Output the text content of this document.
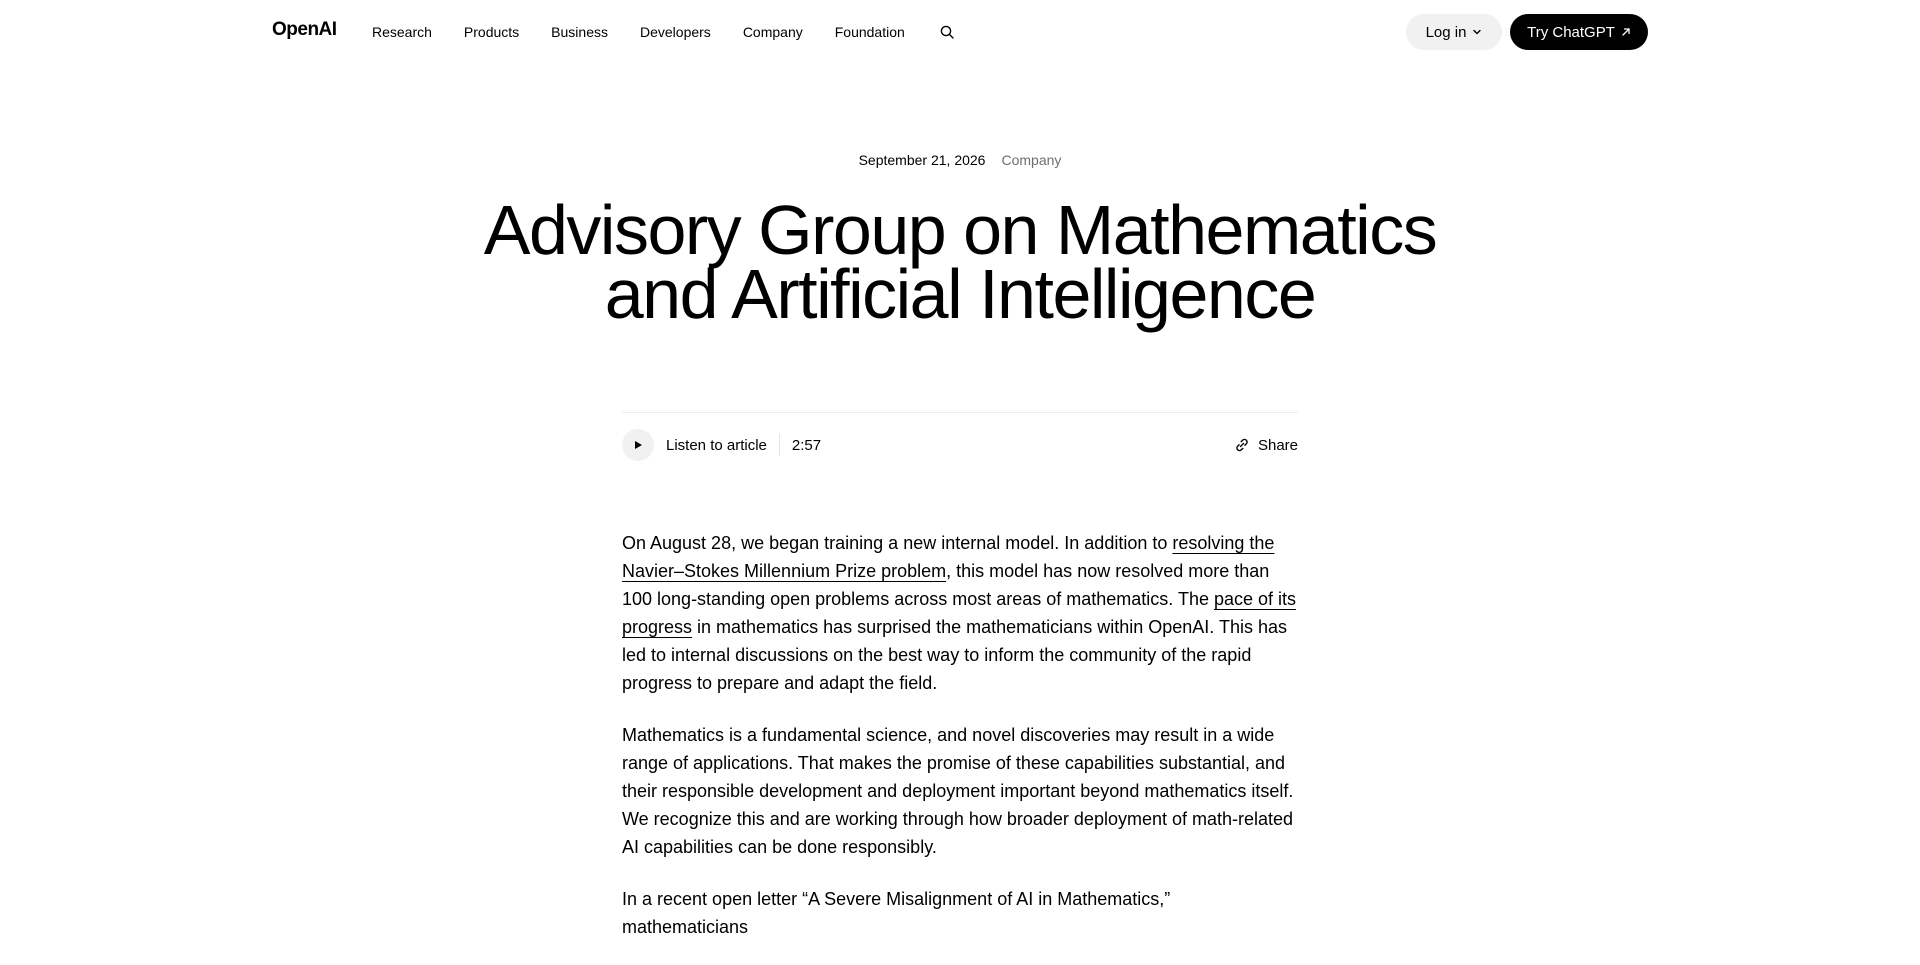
OpenAI	Research Products Business Developers Company Foundation	Log in	Try ChatGPT
September 21, 2026 Company
Advisory Group on Mathematics
and Artificial Intelligence
Listen to article 2:57	Share

On August 28, we began training a new internal model. In addition to resolving the Navier–Stokes Millennium Prize problem, this model has now resolved more than 100 long-standing open problems across most areas of mathematics. The pace of its progress in mathematics has surprised the mathematicians within OpenAI. This has led to internal discussions on the best way to inform the community of the rapid progress to prepare and adapt the field.

Mathematics is a fundamental science, and novel discoveries may result in a wide range of applications. That makes the promise of these capabilities substantial, and their responsible development and deployment important beyond mathematics itself. We recognize this and are working through how broader deployment of math-related AI capabilities can be done responsibly.

In a recent open letter “A Severe Misalignment of AI in Mathematics,” mathematicians
